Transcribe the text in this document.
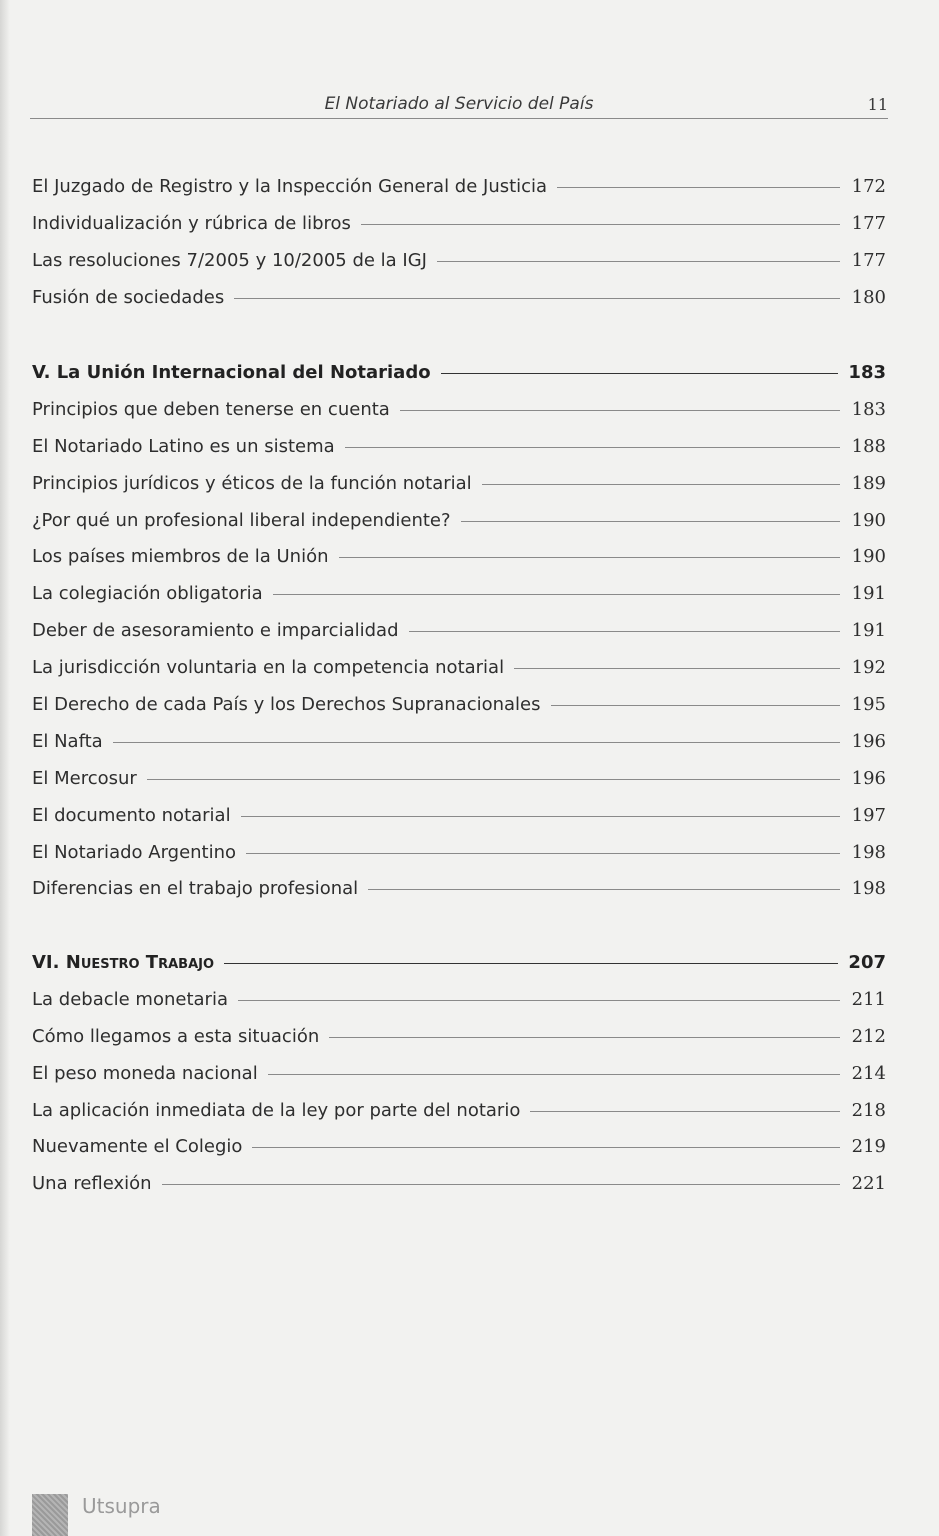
El Notariado al Servicio del País	11
El Juzgado de Registro y la Inspección General de Justicia	172
Individualización y rúbrica de libros	177
Las resoluciones 7/2005 y 10/2005 de la IGJ	177
Fusión de sociedades	180
V. La Unión Internacional del Notariado	183
Principios que deben tenerse en cuenta	183
El Notariado Latino es un sistema	188
Principios jurídicos y éticos de la función notarial	189
¿Por qué un profesional liberal independiente?	190
Los países miembros de la Unión	190
La colegiación obligatoria	191
Deber de asesoramiento e imparcialidad	191
La jurisdicción voluntaria en la competencia notarial	192
El Derecho de cada País y los Derechos Supranacionales	195
El Nafta	196
El Mercosur	196
El documento notarial	197
El Notariado Argentino	198
Diferencias en el trabajo profesional	198
VI. Nuestro Trabajo	207
La debacle monetaria	211
Cómo llegamos a esta situación	212
El peso moneda nacional	214
La aplicación inmediata de la ley por parte del notario	218
Nuevamente el Colegio	219
Una reflexión	221
Utsupra
